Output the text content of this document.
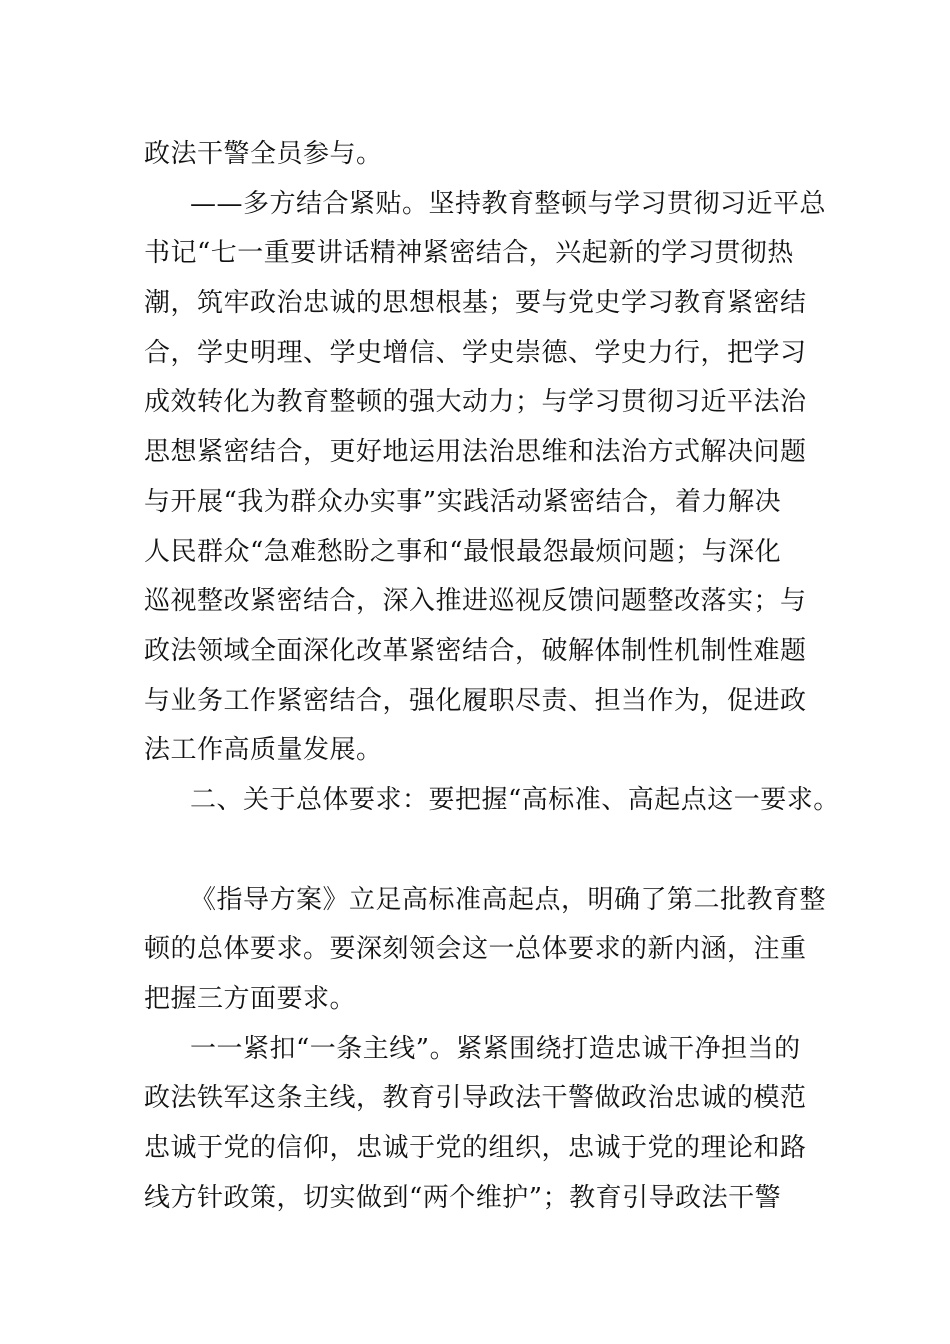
政法干警全员参与。
——多方结合紧贴。坚持教育整顿与学习贯彻习近平总
书记“七一重要讲话精神紧密结合，兴起新的学习贯彻热
潮，筑牢政治忠诚的思想根基；要与党史学习教育紧密结
合，学史明理、学史增信、学史崇德、学史力行，把学习
成效转化为教育整顿的强大动力；与学习贯彻习近平法治
思想紧密结合，更好地运用法治思维和法治方式解决问题
与开展“我为群众办实事”实践活动紧密结合，着力解决
人民群众“急难愁盼之事和“最恨最怨最烦问题；与深化
巡视整改紧密结合，深入推进巡视反馈问题整改落实；与
政法领域全面深化改革紧密结合，破解体制性机制性难题
与业务工作紧密结合，强化履职尽责、担当作为，促进政
法工作高质量发展。
二、关于总体要求：要把握“高标准、高起点这一要求。
《指导方案》立足高标准高起点，明确了第二批教育整
顿的总体要求。要深刻领会这一总体要求的新内涵，注重
把握三方面要求。
一一紧扣“一条主线”。紧紧围绕打造忠诚干净担当的
政法铁军这条主线，教育引导政法干警做政治忠诚的模范
忠诚于党的信仰，忠诚于党的组织，忠诚于党的理论和路
线方针政策，切实做到“两个维护”；教育引导政法干警
